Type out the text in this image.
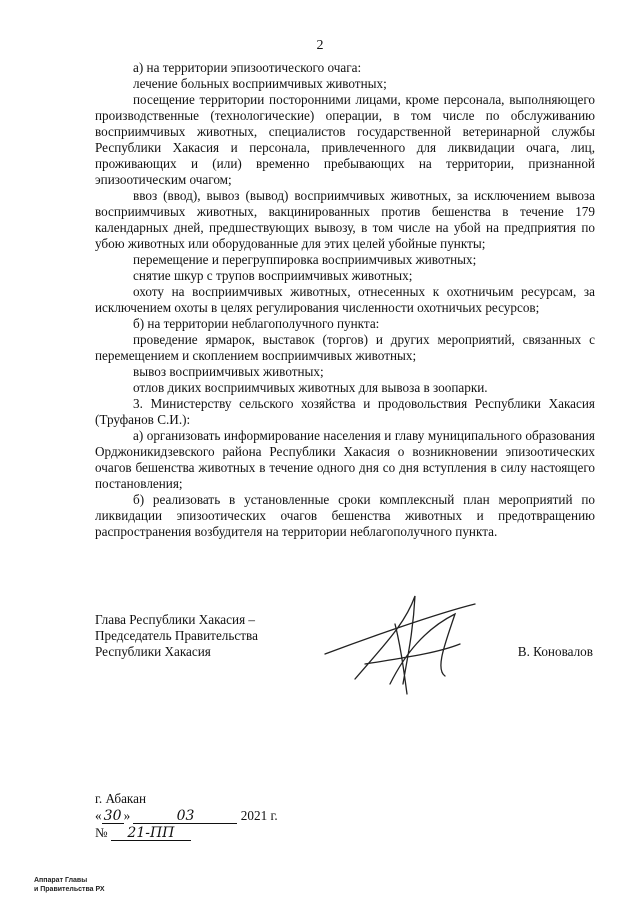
2

а) на территории эпизоотического очага:

лечение больных восприимчивых животных;

посещение территории посторонними лицами, кроме персонала, выполняющего производственные (технологические) операции, в том числе по обслуживанию восприимчивых животных, специалистов государственной ветеринарной службы Республики Хакасия и персонала, привлеченного для ликвидации очага, лиц, проживающих и (или) временно пребывающих на территории, признанной эпизоотическим очагом;

ввоз (ввод), вывоз (вывод) восприимчивых животных, за исключением вывоза восприимчивых животных, вакцинированных против бешенства в течение 179 календарных дней, предшествующих вывозу, в том числе на убой на предприятия по убою животных или оборудованные для этих целей убойные пункты;

перемещение и перегруппировка восприимчивых животных;

снятие шкур с трупов восприимчивых животных;

охоту на восприимчивых животных, отнесенных к охотничьим ресурсам, за исключением охоты в целях регулирования численности охотничьих ресурсов;

б) на территории неблагополучного пункта:

проведение ярмарок, выставок (торгов) и других мероприятий, связанных с перемещением и скоплением восприимчивых животных;

вывоз восприимчивых животных;

отлов диких восприимчивых животных для вывоза в зоопарки.

3. Министерству сельского хозяйства и продовольствия Республики Хакасия (Труфанов С.И.):

а) организовать информирование населения и главу муниципального образования Орджоникидзевского района Республики Хакасия о возникновении эпизоотических очагов бешенства животных в течение одного дня со дня вступления в силу настоящего постановления;

б) реализовать в установленные сроки комплексный план мероприятий по ликвидации эпизоотических очагов бешенства животных и предотвращению распространения возбудителя на территории неблагополучного пункта.

Глава Республики Хакасия –
Председатель Правительства
Республики Хакасия	В. Коновалов
г. Абакан
« 30 »	03	2021 г.
№ 21-ПП
Аппарат Главы
и Правительства РХ
